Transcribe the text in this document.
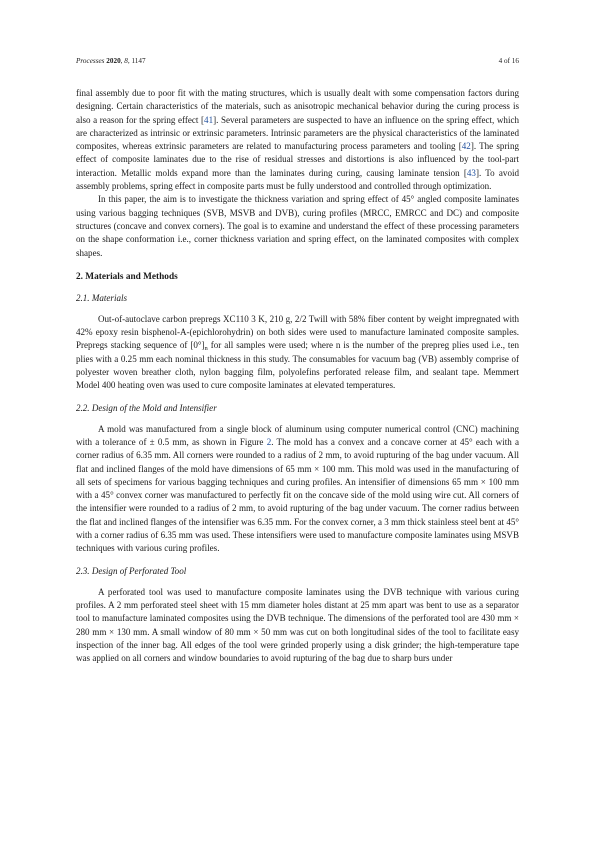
Processes 2020, 8, 1147	4 of 16

final assembly due to poor fit with the mating structures, which is usually dealt with some compensation factors during designing. Certain characteristics of the materials, such as anisotropic mechanical behavior during the curing process is also a reason for the spring effect [41]. Several parameters are suspected to have an influence on the spring effect, which are characterized as intrinsic or extrinsic parameters. Intrinsic parameters are the physical characteristics of the laminated composites, whereas extrinsic parameters are related to manufacturing process parameters and tooling [42]. The spring effect of composite laminates due to the rise of residual stresses and distortions is also influenced by the tool-part interaction. Metallic molds expand more than the laminates during curing, causing laminate tension [43]. To avoid assembly problems, spring effect in composite parts must be fully understood and controlled through optimization.

In this paper, the aim is to investigate the thickness variation and spring effect of 45° angled composite laminates using various bagging techniques (SVB, MSVB and DVB), curing profiles (MRCC, EMRCC and DC) and composite structures (concave and convex corners). The goal is to examine and understand the effect of these processing parameters on the shape conformation i.e., corner thickness variation and spring effect, on the laminated composites with complex shapes.

2. Materials and Methods
2.1. Materials

Out-of-autoclave carbon prepregs XC110 3 K, 210 g, 2/2 Twill with 58% fiber content by weight impregnated with 42% epoxy resin bisphenol-A-(epichlorohydrin) on both sides were used to manufacture laminated composite samples. Prepregs stacking sequence of $[0^\circ]_n$ for all samples were used; where n is the number of the prepreg plies used i.e., ten plies with a 0.25 mm each nominal thickness in this study. The consumables for vacuum bag (VB) assembly comprise of polyester woven breather cloth, nylon bagging film, polyolefins perforated release film, and sealant tape. Memmert Model 400 heating oven was used to cure composite laminates at elevated temperatures.

2.2. Design of the Mold and Intensifier

A mold was manufactured from a single block of aluminum using computer numerical control (CNC) machining with a tolerance of ± 0.5 mm, as shown in Figure 2. The mold has a convex and a concave corner at 45° each with a corner radius of 6.35 mm. All corners were rounded to a radius of 2 mm, to avoid rupturing of the bag under vacuum. All flat and inclined flanges of the mold have dimensions of 65 mm × 100 mm. This mold was used in the manufacturing of all sets of specimens for various bagging techniques and curing profiles. An intensifier of dimensions 65 mm × 100 mm with a 45° convex corner was manufactured to perfectly fit on the concave side of the mold using wire cut. All corners of the intensifier were rounded to a radius of 2 mm, to avoid rupturing of the bag under vacuum. The corner radius between the flat and inclined flanges of the intensifier was 6.35 mm. For the convex corner, a 3 mm thick stainless steel bent at 45° with a corner radius of 6.35 mm was used. These intensifiers were used to manufacture composite laminates using MSVB techniques with various curing profiles.

2.3. Design of Perforated Tool

A perforated tool was used to manufacture composite laminates using the DVB technique with various curing profiles. A 2 mm perforated steel sheet with 15 mm diameter holes distant at 25 mm apart was bent to use as a separator tool to manufacture laminated composites using the DVB technique. The dimensions of the perforated tool are 430 mm × 280 mm × 130 mm. A small window of 80 mm × 50 mm was cut on both longitudinal sides of the tool to facilitate easy inspection of the inner bag. All edges of the tool were grinded properly using a disk grinder; the high-temperature tape was applied on all corners and window boundaries to avoid rupturing of the bag due to sharp burs under
